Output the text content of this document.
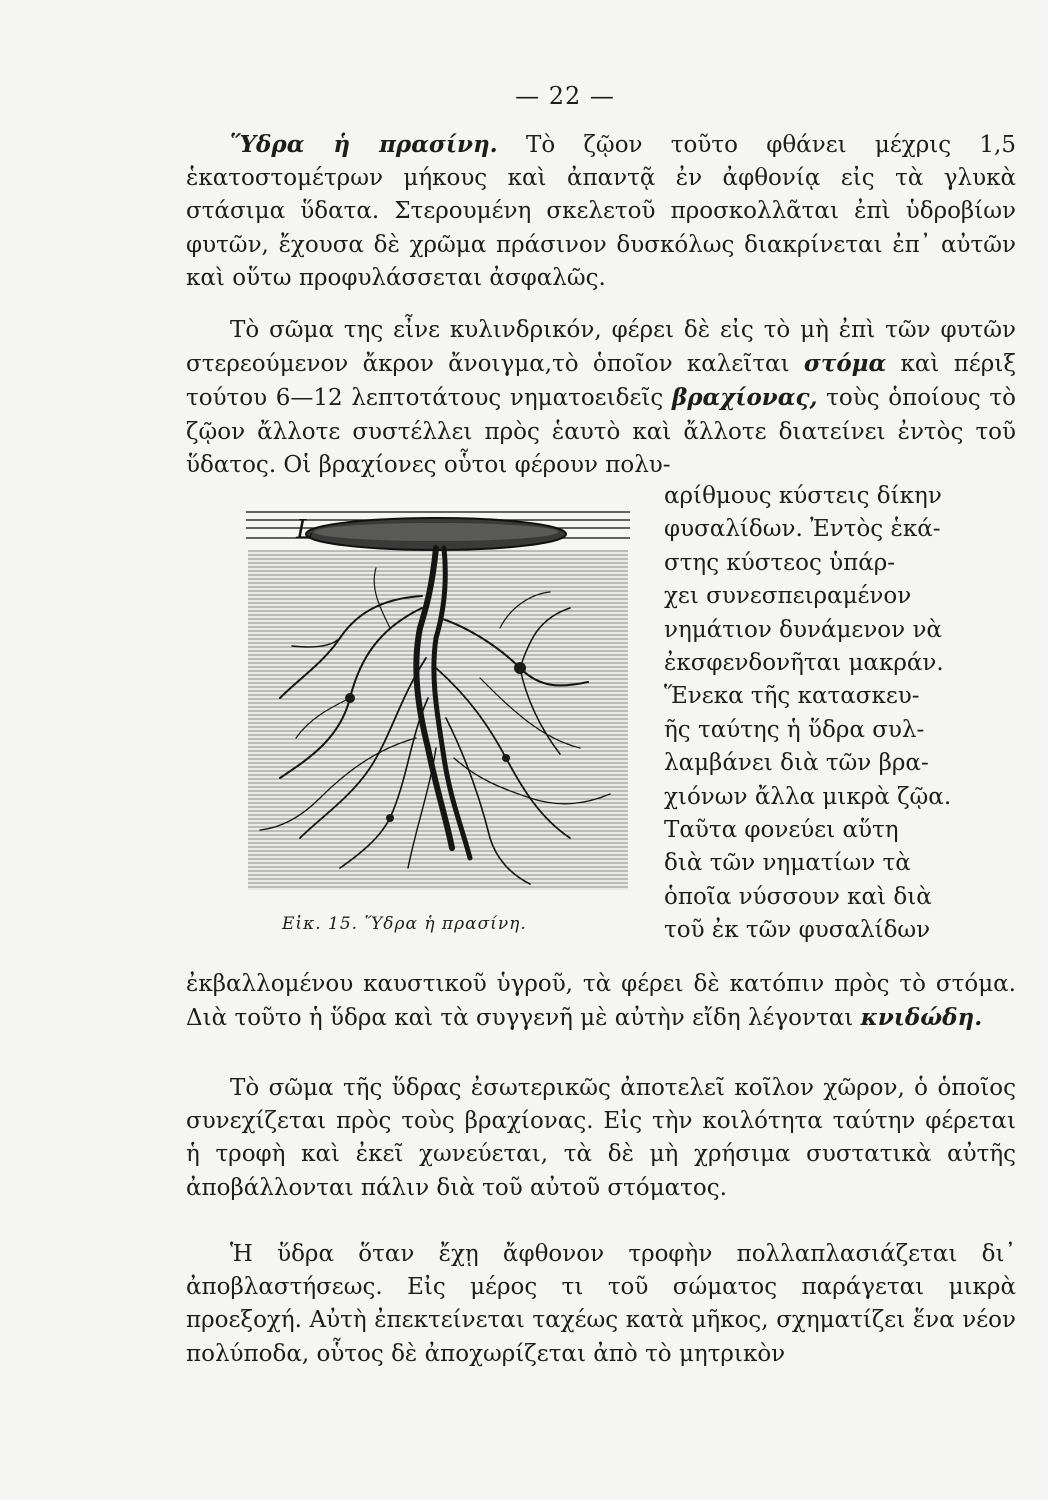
— 22 —

Ὕδρα ἡ πρασίνη. Τὸ ζῷον τοῦτο φθάνει μέχρις 1,5 ἑκατοστομέτρων μήκους καὶ ἀπαντᾷ ἐν ἀφθονίᾳ εἰς τὰ γλυκὰ στάσιμα ὕδατα. Στερουμένη σκελετοῦ προσκολλᾶται ἐπὶ ὑδροβίων φυτῶν, ἔχουσα δὲ χρῶμα πράσινον δυσκόλως διακρίνεται ἐπ᾽ αὐτῶν καὶ οὕτω προφυλάσσεται ἀσφαλῶς.

Τὸ σῶμα της εἶνε κυλινδρικόν, φέρει δὲ εἰς τὸ μὴ ἐπὶ τῶν φυτῶν στερεούμενον ἄκρον ἄνοιγμα,τὸ ὁποῖον καλεῖται στόμα καὶ πέριξ τούτου 6—12 λεπτοτάτους νηματοειδεῖς βραχίονας, τοὺς ὁποίους τὸ ζῷον ἄλλοτε συστέλλει πρὸς ἑαυτὸ καὶ ἄλλοτε διατείνει ἐντὸς τοῦ ὕδατος. Οἱ βραχίονες οὗτοι φέρουν πολυ-

αρίθμους κύστεις δίκην
φυσαλίδων. Ἐντὸς ἑκά-
στης κύστεος ὑπάρ-
χει συνεσπειραμένον
νημάτιον δυνάμενον νὰ
ἐκσφενδονῆται μακράν.
Ἕνεκα τῆς κατασκευ-
ῆς ταύτης ἡ ὕδρα συλ-
λαμβάνει διὰ τῶν βρα-
χιόνων ἄλλα μικρὰ ζῷα.
Ταῦτα φονεύει αὕτη
διὰ τῶν νηματίων τὰ
ὁποῖα νύσσουν καὶ διὰ
τοῦ ἐκ τῶν φυσαλίδων
L
Εἰκ. 15. Ὕδρα ἡ πρασίνη.

ἐκβαλλομένου καυστικοῦ ὑγροῦ, τὰ φέρει δὲ κατόπιν πρὸς τὸ στόμα. Διὰ τοῦτο ἡ ὕδρα καὶ τὰ συγγενῆ μὲ αὐτὴν εἴδη λέγονται κνιδώδη.

Τὸ σῶμα τῆς ὕδρας ἐσωτερικῶς ἀποτελεῖ κοῖλον χῶρον, ὁ ὁποῖος συνεχίζεται πρὸς τοὺς βραχίονας. Εἰς τὴν κοιλότητα ταύτην φέρεται ἡ τροφὴ καὶ ἐκεῖ χωνεύεται, τὰ δὲ μὴ χρήσιμα συστατικὰ αὐτῆς ἀποβάλλονται πάλιν διὰ τοῦ αὐτοῦ στόματος.

Ἡ ὕδρα ὅταν ἔχῃ ἄφθονον τροφὴν πολλαπλασιάζεται δι᾽ ἀποβλαστήσεως. Εἰς μέρος τι τοῦ σώματος παράγεται μικρὰ προεξοχή. Αὐτὴ ἐπεκτείνεται ταχέως κατὰ μῆκος, σχηματίζει ἕνα νέον πολύποδα, οὗτος δὲ ἀποχωρίζεται ἀπὸ τὸ μητρικὸν
